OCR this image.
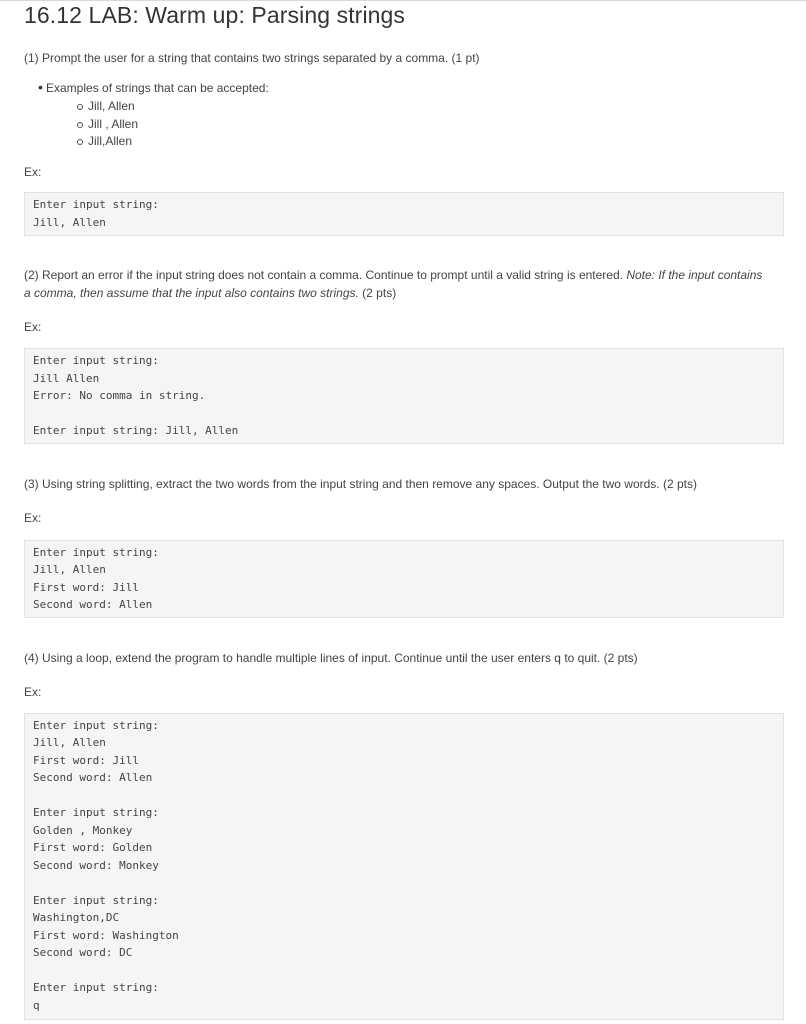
16.12 LAB: Warm up: Parsing strings
(1) Prompt the user for a string that contains two strings separated by a comma. (1 pt)
• Examples of strings that can be accepted:
Jill, Allen
Jill , Allen
Jill,Allen
Ex:
Enter input string:
Jill, Allen
(2) Report an error if the input string does not contain a comma. Continue to prompt until a valid string is entered. Note: If the input contains
a comma, then assume that the input also contains two strings. (2 pts)
Ex:
Enter input string:
Jill Allen
Error: No comma in string.
Enter input string: Jill, Allen
(3) Using string splitting, extract the two words from the input string and then remove any spaces. Output the two words. (2 pts)
Ex:
Enter input string:
Jill, Allen
First word: Jill
Second word: Allen
(4) Using a loop, extend the program to handle multiple lines of input. Continue until the user enters q to quit. (2 pts)
Ex:
Enter input string:
Jill, Allen
First word: Jill
Second word: Allen
Enter input string:
Golden , Monkey
First word: Golden
Second word: Monkey
Enter input string:
Washington,DC
First word: Washington
Second word: DC
Enter input string:
q
